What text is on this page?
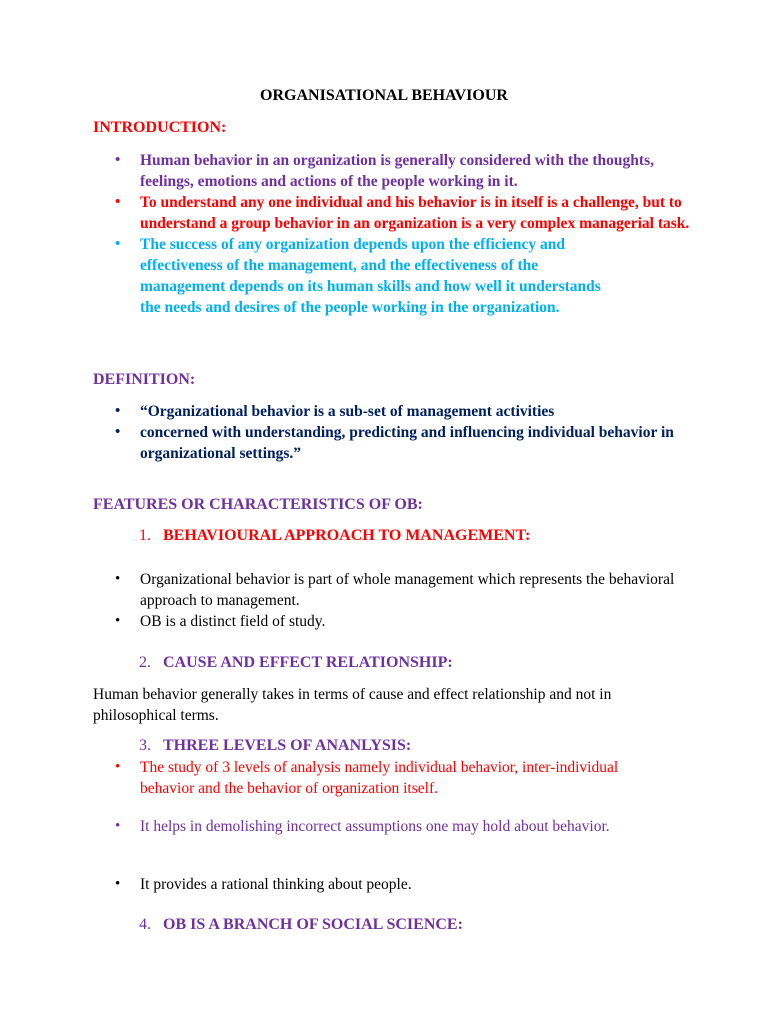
ORGANISATIONAL BEHAVIOUR
INTRODUCTION:
• Human behavior in an organization is generally considered with the thoughts, feelings, emotions and actions of the people working in it.
• To understand any one individual and his behavior is in itself is a challenge, but to understand a group behavior in an organization is a very complex managerial task.
• The success of any organization depends upon the efficiency and effectiveness of the management, and the effectiveness of the management depends on its human skills and how well it understands the needs and desires of the people working in the organization.
DEFINITION:
• “Organizational behavior is a sub-set of management activities
• concerned with understanding, predicting and influencing individual behavior in organizational settings.”
FEATURES OR CHARACTERISTICS OF OB:
1. BEHAVIOURAL APPROACH TO MANAGEMENT:
• Organizational behavior is part of whole management which represents the behavioral approach to management.
• OB is a distinct field of study.
2. CAUSE AND EFFECT RELATIONSHIP:

Human behavior generally takes in terms of cause and effect relationship and not in philosophical terms.

3. THREE LEVELS OF ANANLYSIS:
• The study of 3 levels of analysis namely individual behavior, inter-individual behavior and the behavior of organization itself.
• It helps in demolishing incorrect assumptions one may hold about behavior.
• It provides a rational thinking about people.
4. OB IS A BRANCH OF SOCIAL SCIENCE:
